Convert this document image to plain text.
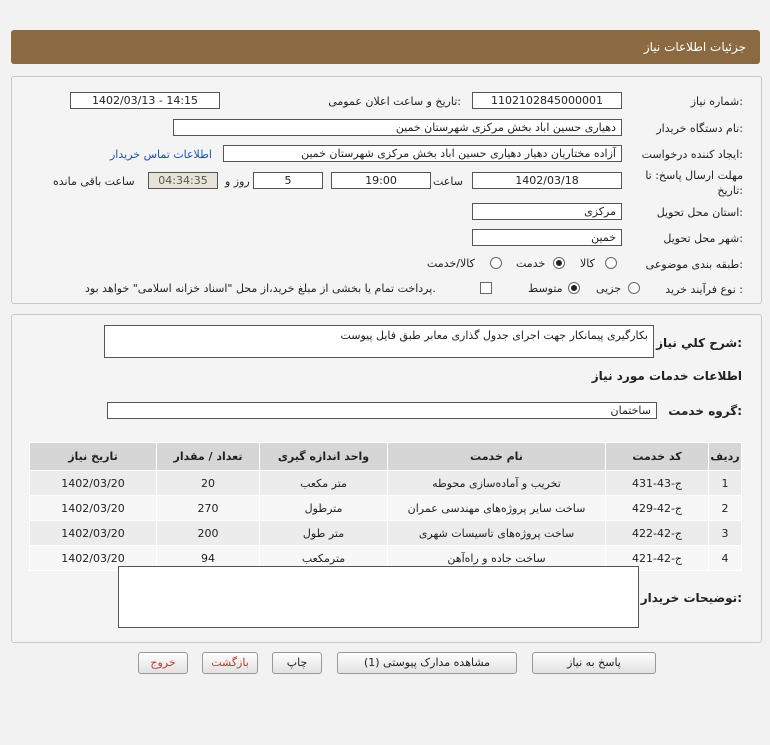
جزئیات اطلاعات نیاز
شماره نیاز:
1102102845000001
تاریخ و ساعت اعلان عمومی:
1402/03/13 - 14:15
نام دستگاه خریدار:
دهیاری حسین اباد بخش مرکزی شهرستان خمین
ایجاد کننده درخواست:
آزاده مختاریان دهیار دهیاری حسین اباد بخش مرکزی شهرستان خمین
اطلاعات تماس خریدار
مهلت ارسال پاسخ: تا تاریخ:
1402/03/18
ساعت
19:00
5
روز و
04:34:35
ساعت باقی مانده
استان محل تحویل:
مرکزی
شهر محل تحویل:
خمین
طبقه بندی موضوعی:
کالا
خدمت
کالا/خدمت
نوع فرآیند خرید :
جزیی
متوسط
پرداخت تمام یا بخشی از مبلغ خرید،از محل "اسناد خزانه اسلامی" خواهد بود.
شرح کلي نياز:
بکارگیری پیمانکار جهت اجرای جدول گذاری معابر طبق فایل پیوست
اطلاعات خدمات مورد نیاز
گروه خدمت:
ساختمان
ردیف	کد خدمت	نام خدمت	واحد اندازه گیری	تعداد / مقدار	تاریخ نیاز
1	ج-43-431	تخریب و آماده‌سازی محوطه	متر مکعب	20	1402/03/20
2	ج-42-429	ساخت سایر پروژه‌های مهندسی عمران	مترطول	270	1402/03/20
3	ج-42-422	ساخت پروژه‌های تاسیسات شهری	متر طول	200	1402/03/20
4	ج-42-421	ساخت جاده و راه‌آهن	مترمکعب	94	1402/03/20
توضیحات خریدار:
پاسخ به نیاز
مشاهده مدارک پیوستی (1)
چاپ
بازگشت
خروج
